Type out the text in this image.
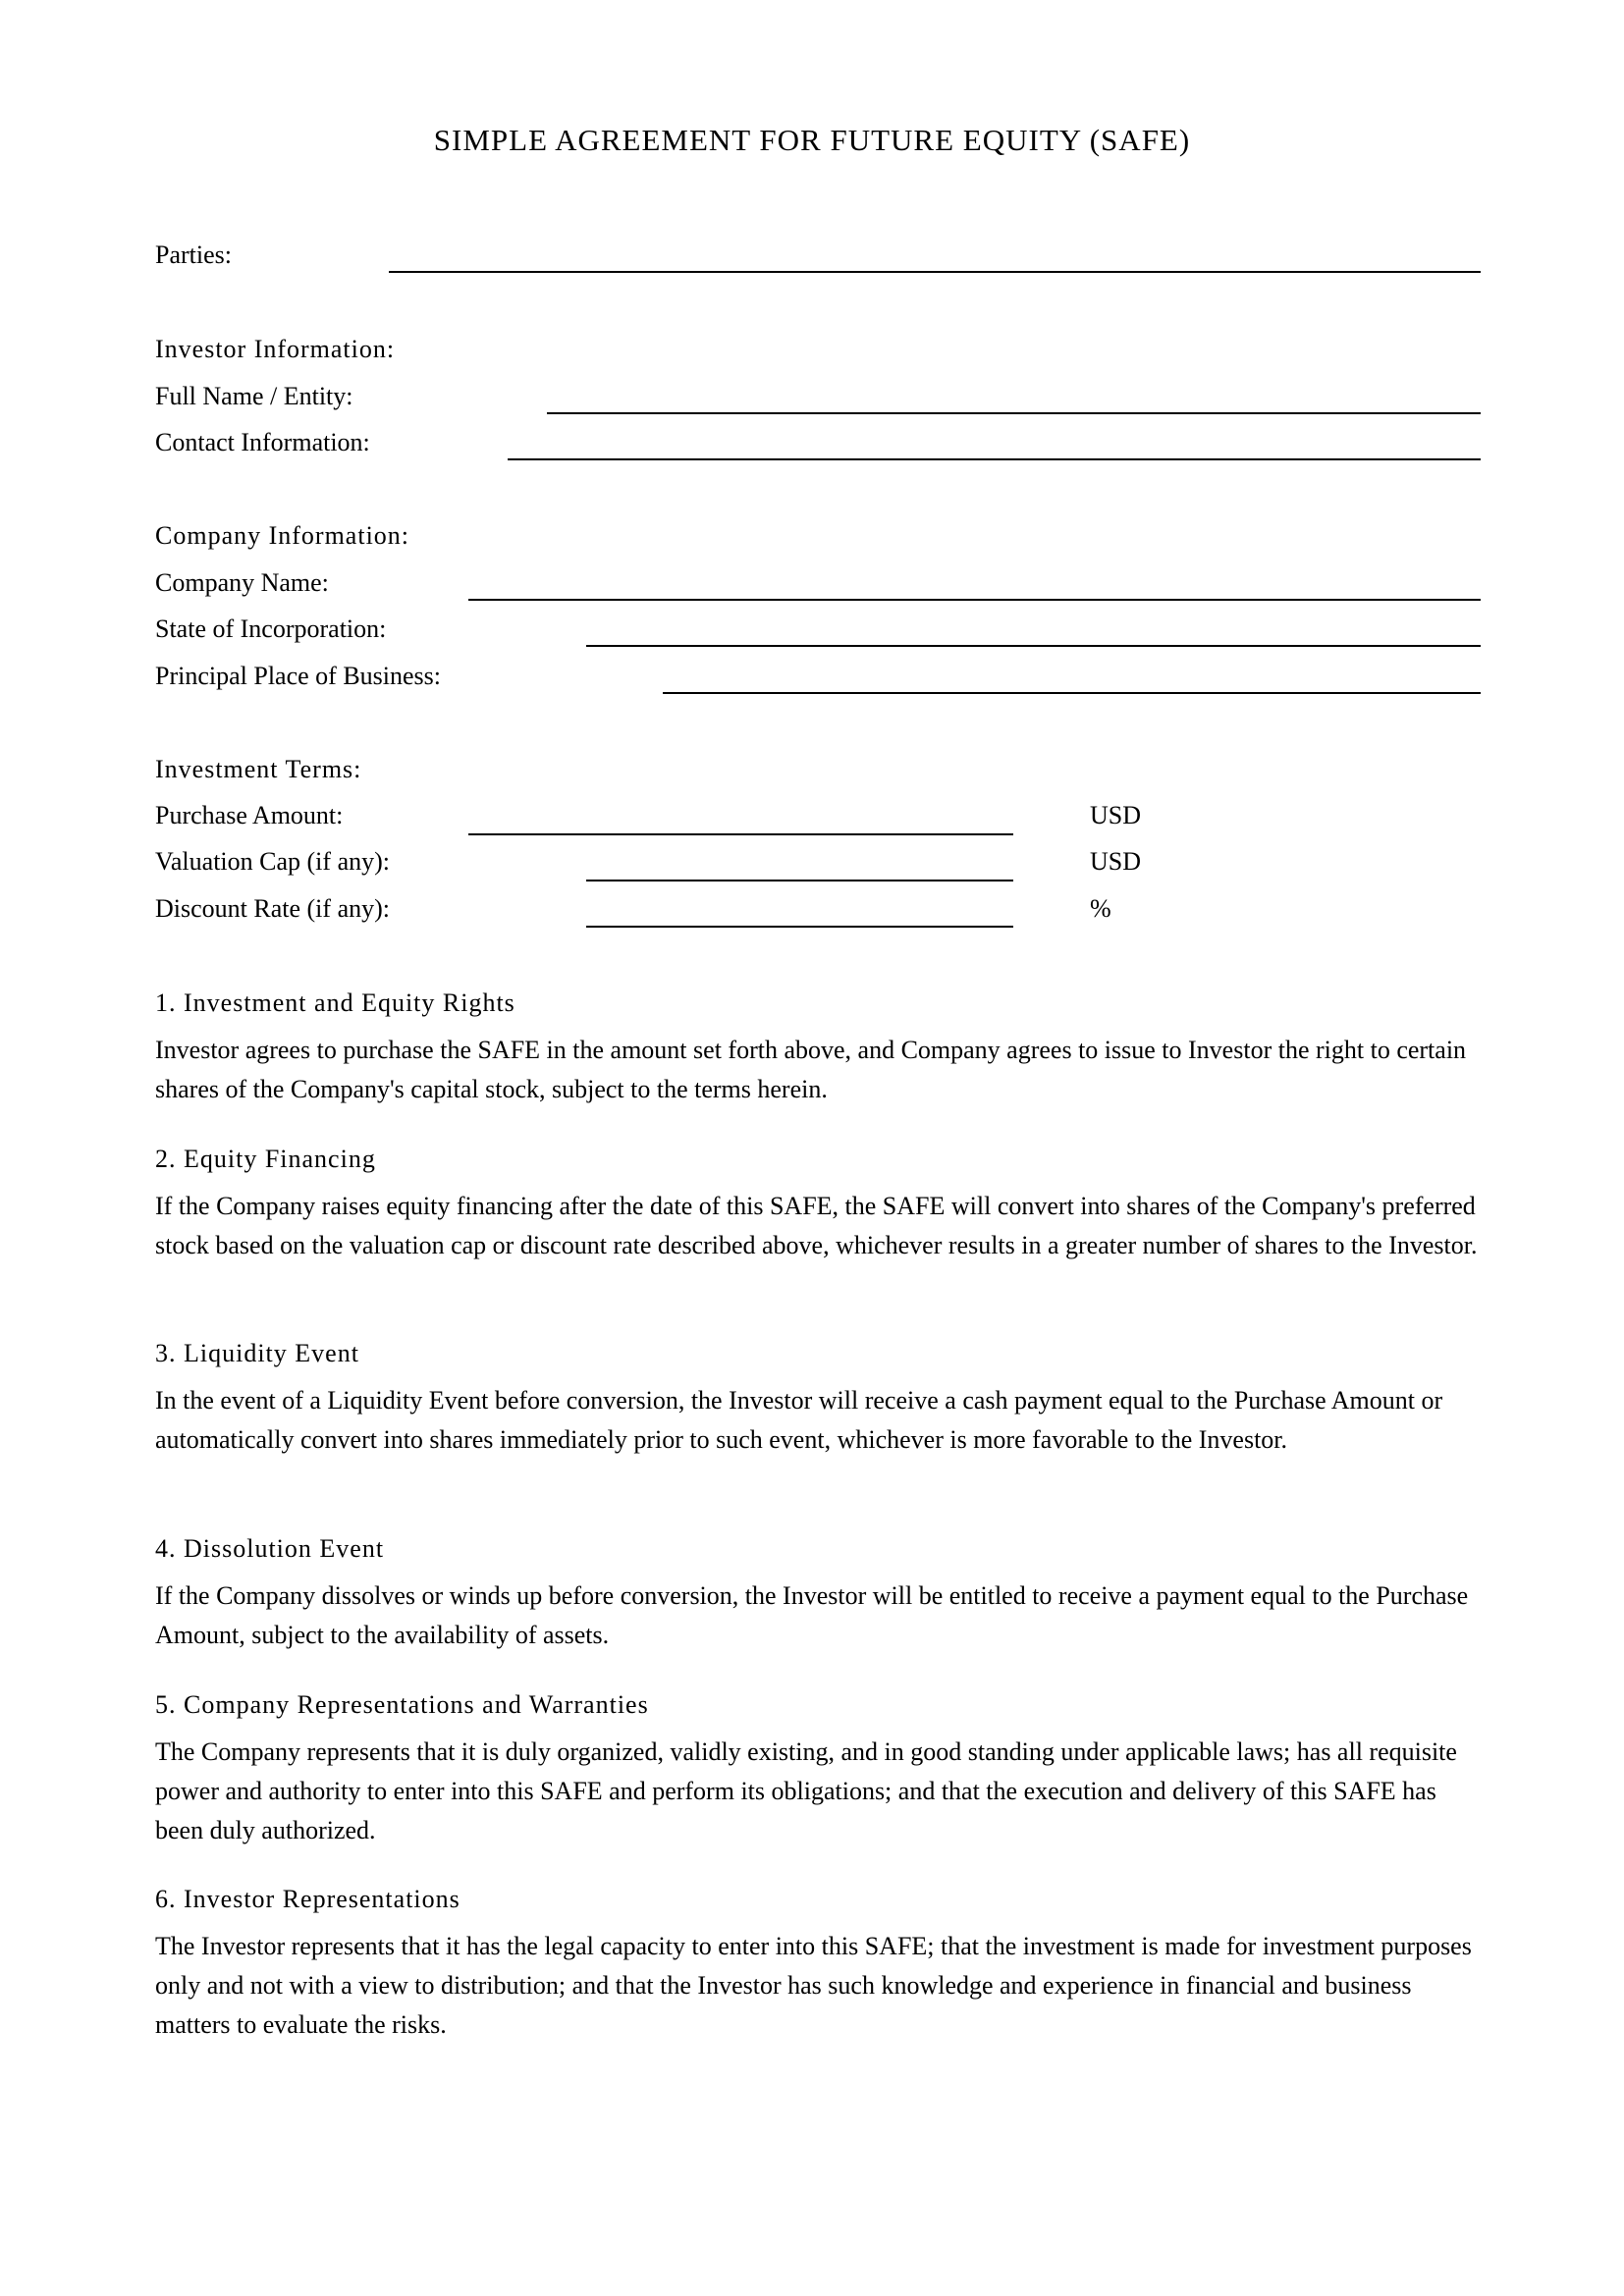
SIMPLE AGREEMENT FOR FUTURE EQUITY (SAFE)
Parties:
Investor Information:
Full Name / Entity:
Contact Information:
Company Information:
Company Name:
State of Incorporation:
Principal Place of Business:
Investment Terms:
Purchase Amount:	USD
Valuation Cap (if any):	USD
Discount Rate (if any):	%
1. Investment and Equity Rights
Investor agrees to purchase the SAFE in the amount set forth above, and Company agrees to issue to Investor the right to certain shares of the Company's capital stock, subject to the terms herein.
2. Equity Financing
If the Company raises equity financing after the date of this SAFE, the SAFE will convert into shares of the Company's preferred stock based on the valuation cap or discount rate described above, whichever results in a greater number of shares to the Investor.
3. Liquidity Event
In the event of a Liquidity Event before conversion, the Investor will receive a cash payment equal to the Purchase Amount or automatically convert into shares immediately prior to such event, whichever is more favorable to the Investor.
4. Dissolution Event
If the Company dissolves or winds up before conversion, the Investor will be entitled to receive a payment equal to the Purchase Amount, subject to the availability of assets.
5. Company Representations and Warranties
The Company represents that it is duly organized, validly existing, and in good standing under applicable laws; has all requisite power and authority to enter into this SAFE and perform its obligations; and that the execution and delivery of this SAFE has been duly authorized.
6. Investor Representations
The Investor represents that it has the legal capacity to enter into this SAFE; that the investment is made for investment purposes only and not with a view to distribution; and that the Investor has such knowledge and experience in financial and business matters to evaluate the risks.
